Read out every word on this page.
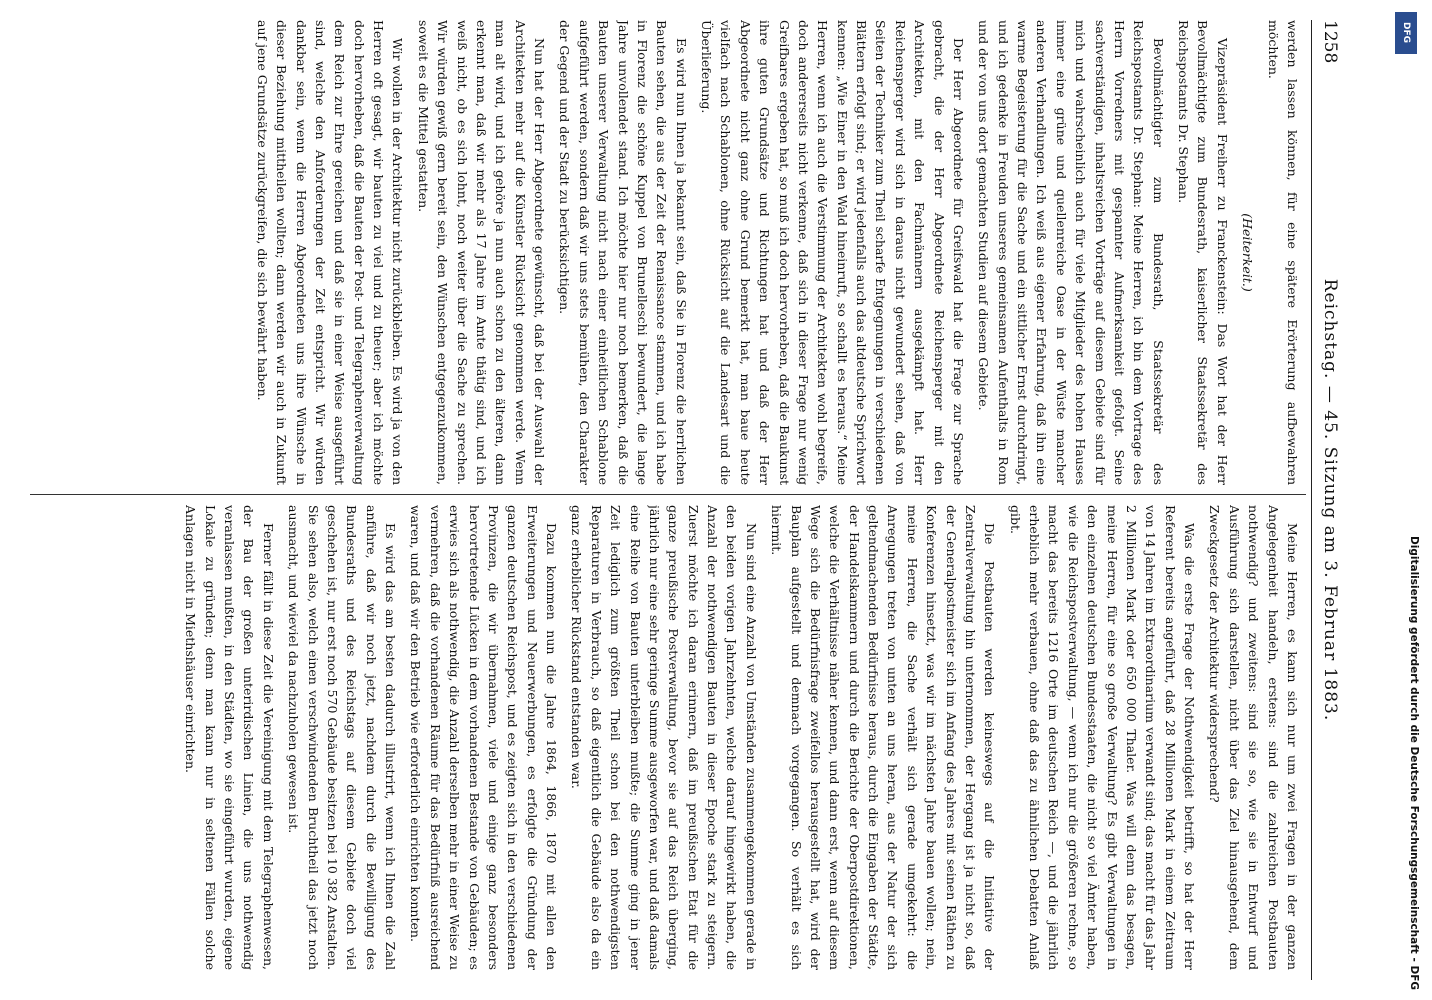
1258
Reichstag. — 45. Sitzung am 3. Februar 1883.

werden lassen können, für eine spätere Erörterung aufbewahren möchten.

(Heiterkeit.)

Vizepräsident Freiherr zu Franckenstein: Das Wort hat der Herr Bevollmächtigte zum Bundesrath, kaiserlicher Staatssekretär des Reichspostamts Dr. Stephan.

Bevollmächtigter zum Bundesrath, Staatssekretär des Reichspostamts Dr. Stephan: Meine Herren, ich bin dem Vortrage des Herrn Vorredners mit gespannter Aufmerksamkeit gefolgt. Seine sachverständigen, inhaltsreichen Vorträge auf diesem Gebiete sind für mich und wahrscheinlich auch für viele Mitglieder des hohen Hauses immer eine grüne und quellenreiche Oase in der Wüste mancher anderen Verhandlungen. Ich weiß aus eigener Erfahrung, daß ihn eine warme Begeisterung für die Sache und ein sittlicher Ernst durchdringt, und ich gedenke in Freuden unseres gemeinsamen Aufenthalts in Rom und der von uns dort gemachten Studien auf diesem Gebiete.

Der Herr Abgeordnete für Greifswald hat die Frage zur Sprache gebracht, die der Herr Abgeordnete Reichensperger mit den Architekten, mit den Fachmännern ausgekämpft hat. Herr Reichensperger wird sich in daraus nicht gewundert sehen, daß von Seiten der Techniker zum Theil scharfe Entgegnungen in verschiedenen Blättern erfolgt sind; er wird jedenfalls auch das altdeutsche Sprichwort kennen: „Wie Einer in den Wald hineinruft, so schallt es heraus.“ Meine Herren, wenn ich auch die Verstimmung der Architekten wohl begreife, doch andererseits nicht verkenne, daß sich in dieser Frage nur wenig Greifbares ergeben hat, so muß ich doch hervorheben, daß die Baukunst ihre guten Grundsätze und Richtungen hat und daß der Herr Abgeordnete nicht ganz ohne Grund bemerkt hat, man baue heute vielfach nach Schablonen, ohne Rücksicht auf die Landesart und die Überlieferung.

Es wird nun Ihnen ja bekannt sein, daß Sie in Florenz die herrlichen Bauten sehen, die aus der Zeit der Renaissance stammen, und ich habe in Florenz die schöne Kuppel von Brunelleschi bewundert, die lange Jahre unvollendet stand. Ich möchte hier nur noch bemerken, daß die Bauten unserer Verwaltung nicht nach einer einheitlichen Schablone aufgeführt werden, sondern daß wir uns stets bemühen, den Charakter der Gegend und der Stadt zu berücksichtigen.

Nun hat der Herr Abgeordnete gewünscht, daß bei der Auswahl der Architekten mehr auf die Künstler Rücksicht genommen werde. Wenn man alt wird, und ich gehöre ja nun auch schon zu den älteren, dann erkennt man, daß wir mehr als 17 Jahre im Amte thätig sind, und ich weiß nicht, ob es sich lohnt, noch weiter über die Sache zu sprechen. Wir würden gewiß gern bereit sein, den Wünschen entgegenzukommen, soweit es die Mittel gestatten.

Wir wollen in der Architektur nicht zurückbleiben. Es wird ja von den Herren oft gesagt, wir bauten zu viel und zu theuer; aber ich möchte doch hervorheben, daß die Bauten der Post- und Telegraphenverwaltung dem Reich zur Ehre gereichen und daß sie in einer Weise ausgeführt sind, welche den Anforderungen der Zeit entspricht. Wir würden dankbar sein, wenn die Herren Abgeordneten uns ihre Wünsche in dieser Beziehung mittheilen wollten; dann werden wir auch in Zukunft auf jene Grundsätze zurückgreifen, die sich bewährt haben.

Meine Herren, es kann sich nur um zwei Fragen in der ganzen Angelegenheit handeln, erstens: sind die zahlreichen Postbauten nothwendig? und zweitens: sind sie so, wie sie in Entwurf und Ausführung sich darstellen, nicht über das Ziel hinausgehend, dem Zweckgesetz der Architektur widersprechend?

Was die erste Frage der Nothwendigkeit betrifft, so hat der Herr Referent bereits angeführt, daß 28 Millionen Mark in einem Zeitraum von 14 Jahren im Extraordinarium verwandt sind; das macht für das Jahr 2 Millionen Mark oder 650 000 Thaler. Was will denn das besagen, meine Herren, für eine so große Verwaltung? Es gibt Verwaltungen in den einzelnen deutschen Bundesstaaten, die nicht so viel Ämter haben, wie die Reichspostverwaltung, — wenn ich nur die größeren rechne, so macht das bereits 1216 Orte im deutschen Reich —, und die jährlich erheblich mehr verbauen, ohne daß das zu ähnlichen Debatten Anlaß gibt.

Die Postbauten werden keineswegs auf die Initiative der Zentralverwaltung hin unternommen, der Hergang ist ja nicht so, daß der Generalpostmeister sich im Anfang des Jahres mit seinen Räthen zu Konferenzen hinsetzt, was wir im nächsten Jahre bauen wollen; nein, meine Herren, die Sache verhält sich gerade umgekehrt: die Anregungen treten von unten an uns heran, aus der Natur der sich geltendmachenden Bedürfnisse heraus, durch die Eingaben der Städte, der Handelskammern und durch die Berichte der Oberpostdirektionen, welche die Verhältnisse näher kennen, und dann erst, wenn auf diesem Wege sich die Bedürfnisfrage zweifellos herausgestellt hat, wird der Bauplan aufgestellt und demnach vorgegangen. So verhält es sich hiermit.

Nun sind eine Anzahl von Umständen zusammengekommen gerade in den beiden vorigen Jahrzehnten, welche darauf hingewirkt haben, die Anzahl der nothwendigen Bauten in dieser Epoche stark zu steigern. Zuerst möchte ich daran erinnern, daß im preußischen Etat für die ganze preußische Postverwaltung, bevor sie auf das Reich überging, jährlich nur eine sehr geringe Summe ausgeworfen war, und daß damals eine Reihe von Bauten unterbleiben mußte; die Summe ging in jener Zeit lediglich zum größten Theil schon bei den nothwendigsten Reparaturen in Verbrauch, so daß eigentlich die Gebäude also da ein ganz erheblicher Rückstand entstanden war.

Dazu kommen nun die Jahre 1864, 1866, 1870 mit allen den Erweiterungen und Neuerwerbungen, es erfolgte die Gründung der ganzen deutschen Reichspost, und es zeigten sich in den verschiedenen Provinzen, die wir übernahmen, viele und einige ganz besonders hervortretende Lücken in dem vorhandenen Bestande von Gebäuden; es erwies sich als nothwendig, die Anzahl derselben mehr in einer Weise zu vermehren, daß die vorhandenen Räume für das Bedürfniß ausreichend waren, und daß wir den Betrieb wie erforderlich einrichten konnten.

Es wird das am besten dadurch illustrirt, wenn ich Ihnen die Zahl anführe, daß wir noch jetzt, nachdem durch die Bewilligung des Bundesraths und des Reichstags auf diesem Gebiete doch viel geschehen ist, nur erst noch 570 Gebäude besitzen bei 10 382 Anstalten. Sie sehen also, welch einen verschwindenden Bruchtheil das jetzt noch ausmacht, und wieviel da nachzuholen gewesen ist.

Ferner fällt in diese Zeit die Vereinigung mit dem Telegraphenwesen, der Bau der großen unterirdischen Linien, die uns nothwendig veranlassen mußten, in den Städten, wo sie eingeführt wurden, eigene Lokale zu gründen; denn man kann nur in seltenen Fällen solche Anlagen nicht in Miethshäuser einrichten.

DFG
Digitalisierung gefördert durch die Deutsche Forschungsgemeinschaft - DFG
